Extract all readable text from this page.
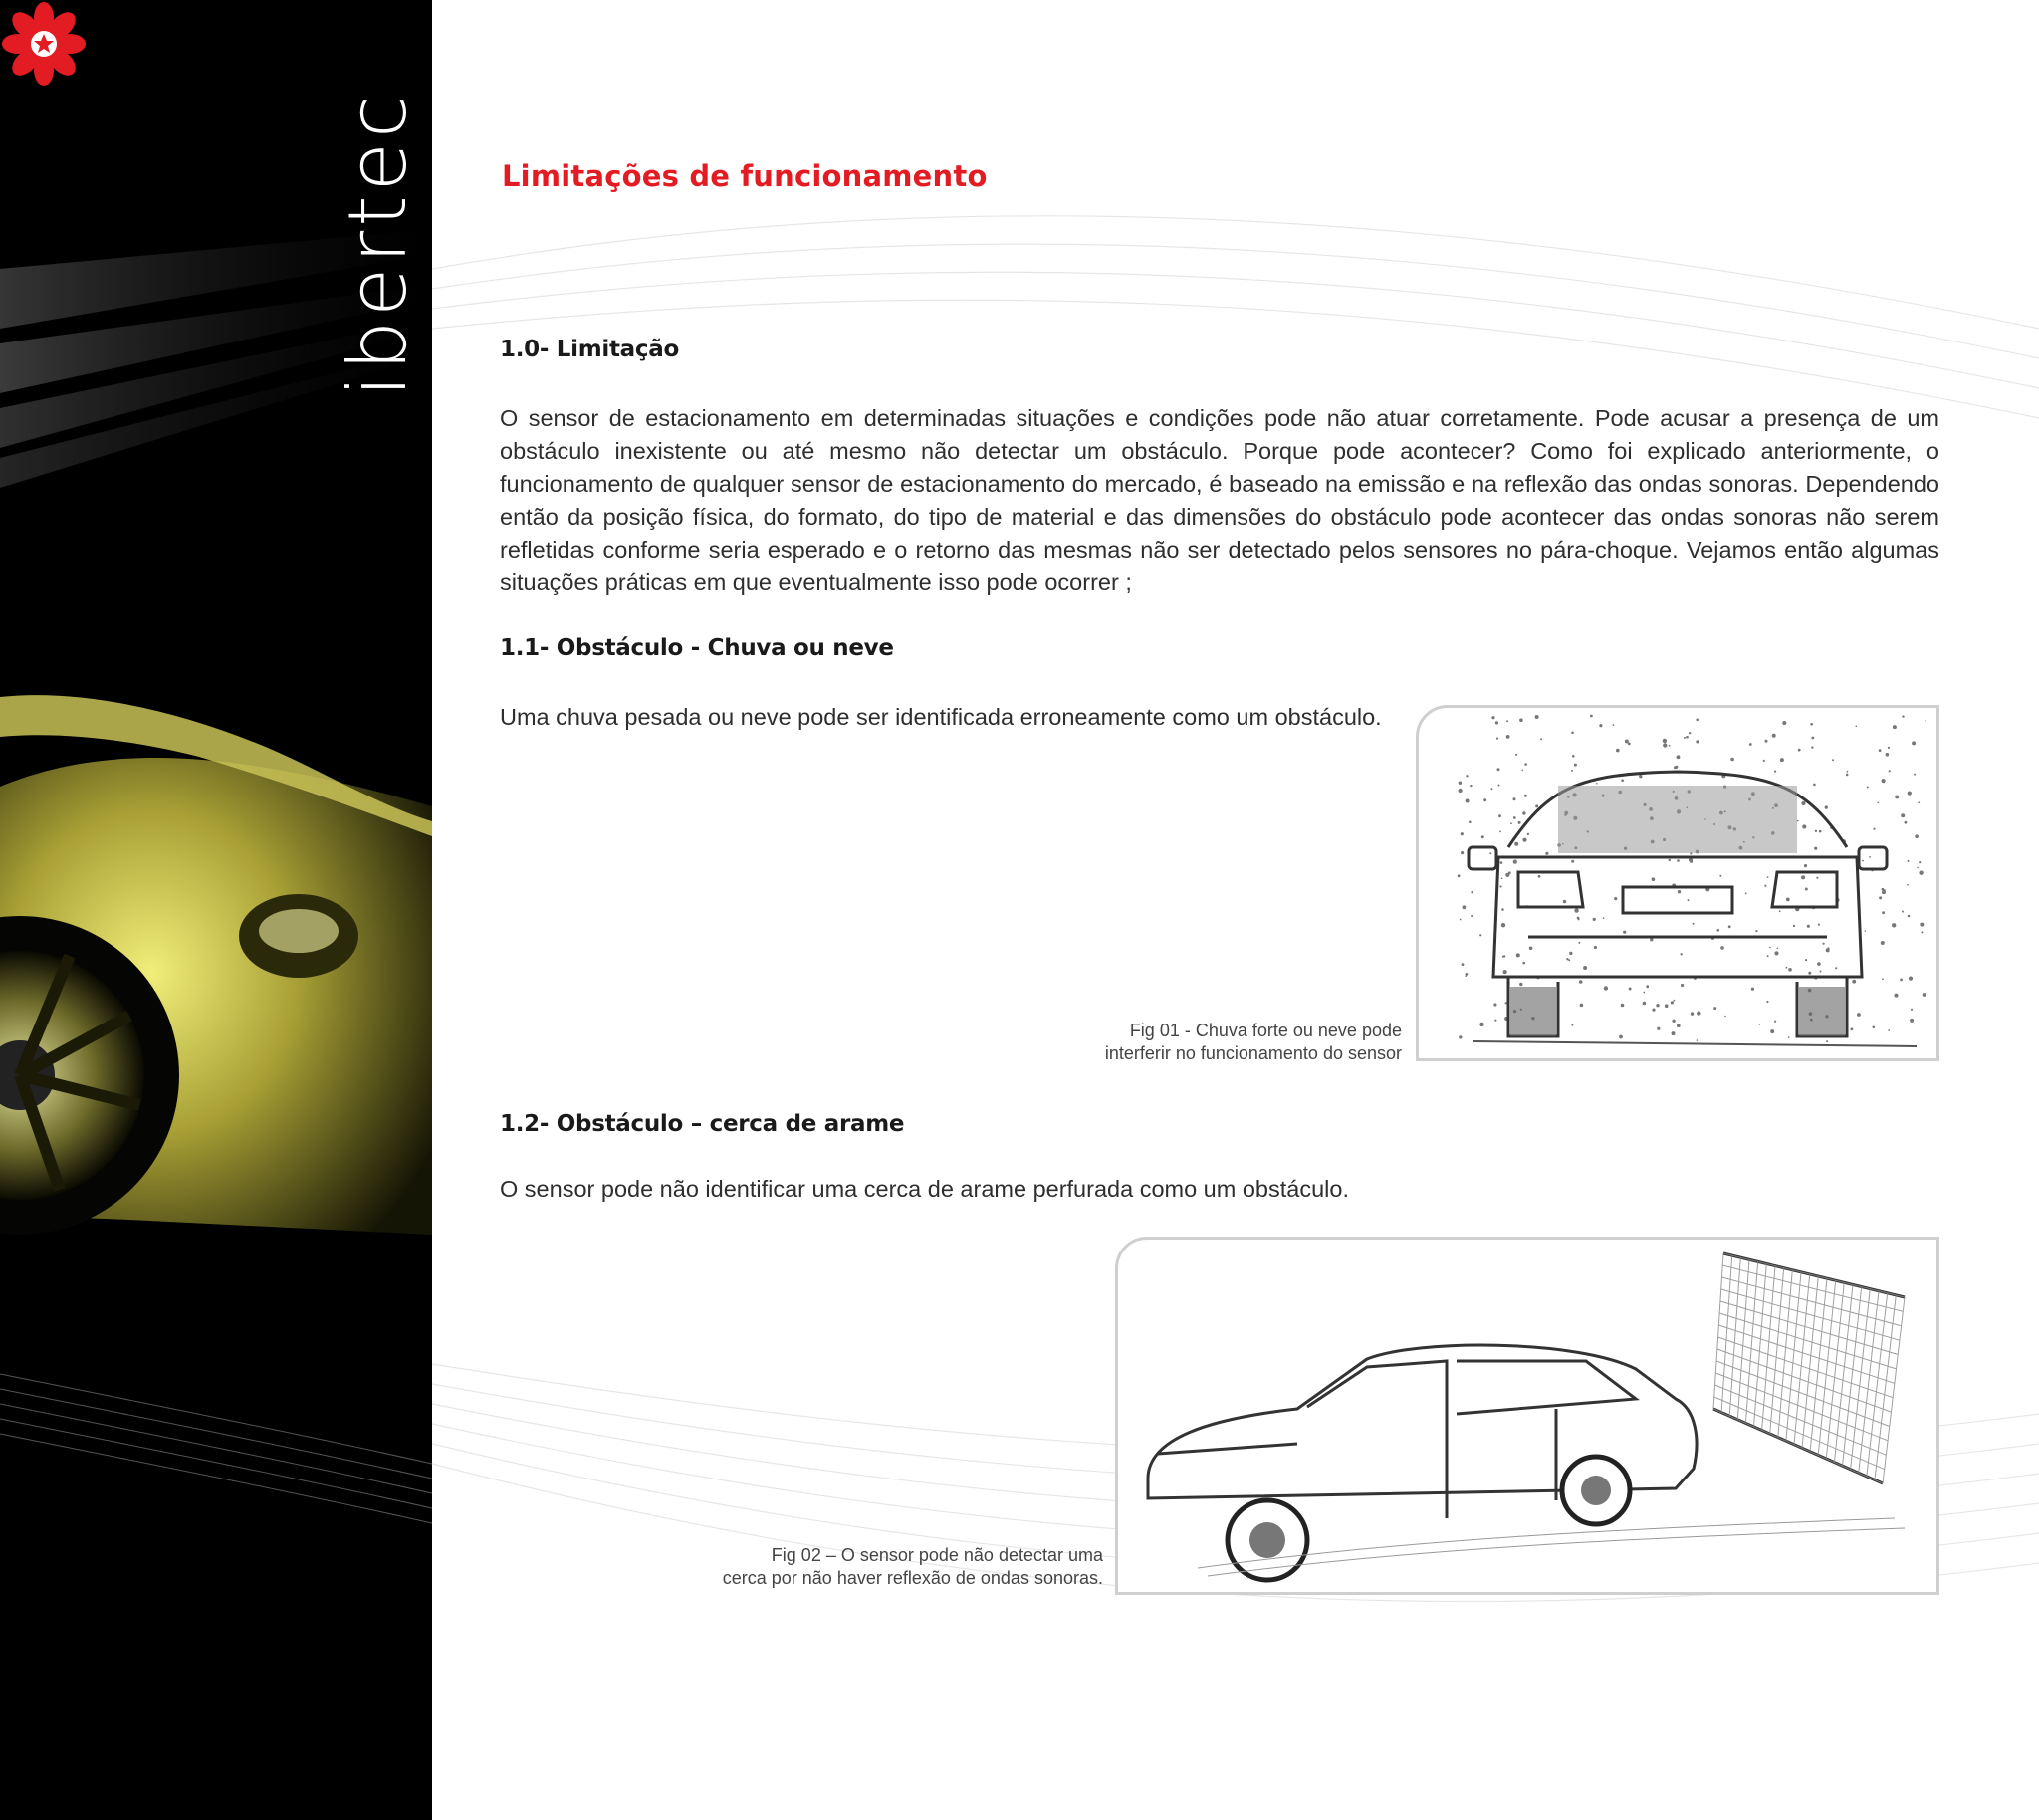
ibertec	Limitações de funcionamento
1.0- Limitação

O sensor de estacionamento em determinadas situações e condições pode não atuar corretamente. Pode acusar a presença de um obstáculo inexistente ou até mesmo não detectar um obstáculo. Porque pode acontecer? Como foi explicado anteriormente, o funcionamento de qualquer sensor de estacionamento do mercado, é baseado na emissão e na reflexão das ondas sonoras. Dependendo então da posição física, do formato, do tipo de material e das dimensões do obstáculo pode acontecer das ondas sonoras não serem refletidas conforme seria esperado e o retorno das mesmas não ser detectado pelos sensores no pára-choque. Vejamos então algumas situações práticas em que eventualmente isso pode ocorrer ;

1.1- Obstáculo - Chuva ou neve

Uma chuva pesada ou neve pode ser identificada erroneamente como um obstáculo.

Fig 01 - Chuva forte ou neve pode
interferir no funcionamento do sensor

1.2- Obstáculo – cerca de arame

O sensor pode não identificar uma cerca de arame perfurada como um obstáculo.

Fig 02 – O sensor pode não detectar uma
cerca por não haver reflexão de ondas sonoras.
